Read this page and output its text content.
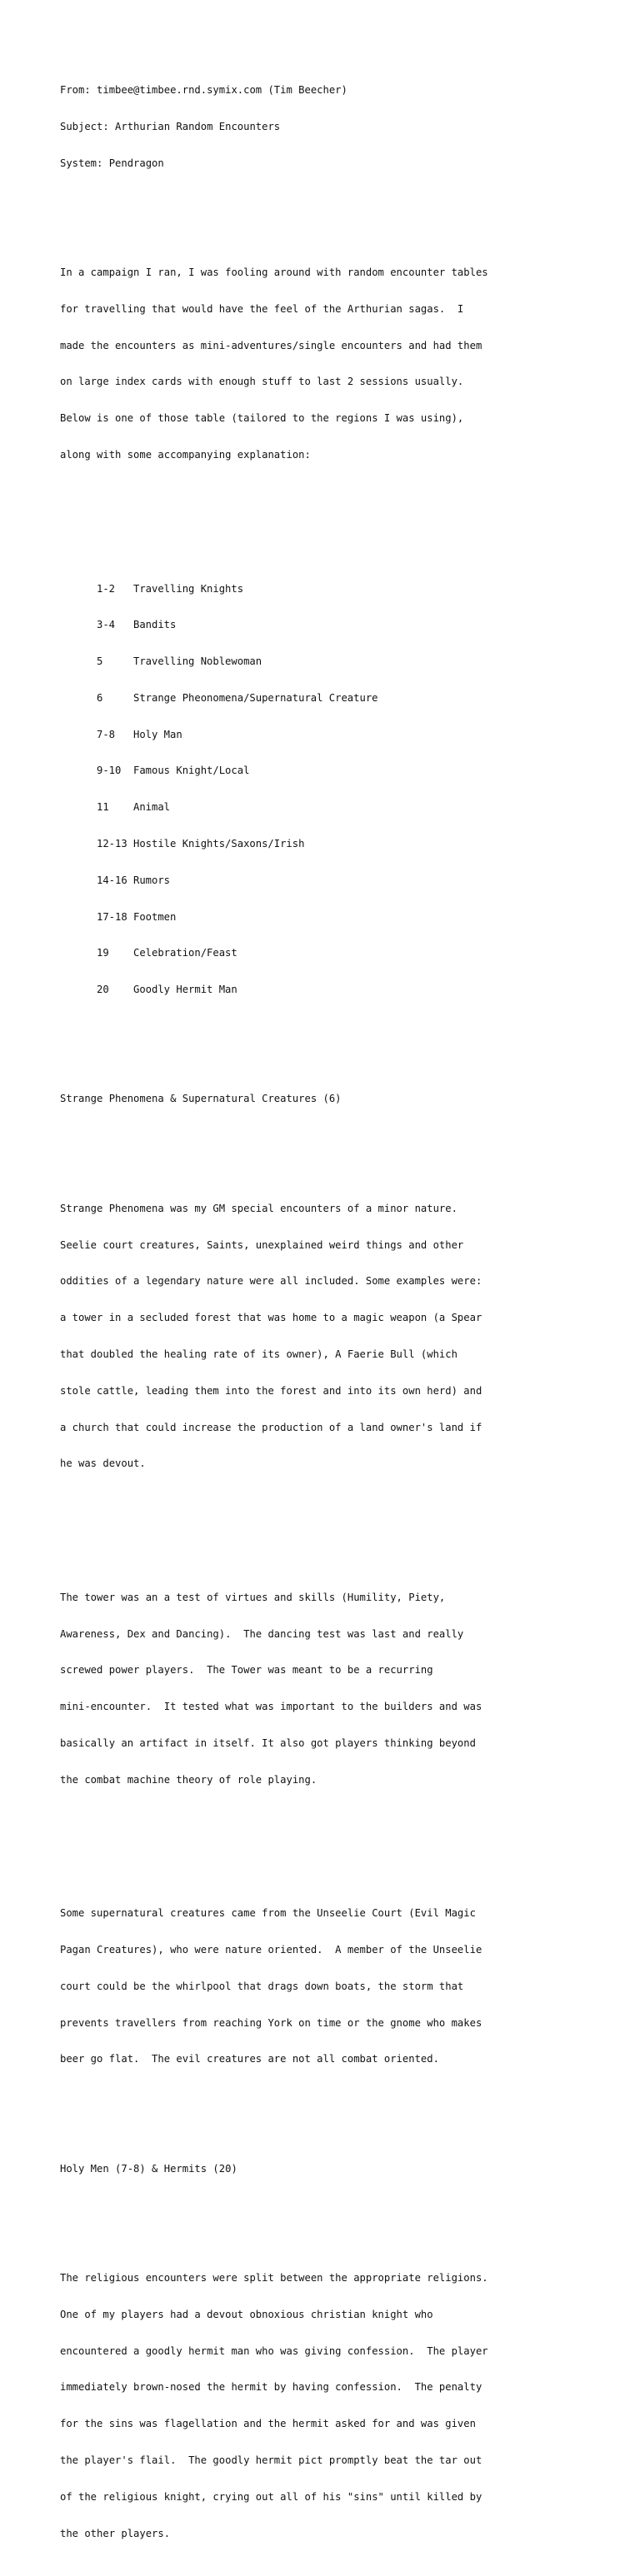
From: timbee@timbee.rnd.symix.com (Tim Beecher)

Subject: Arthurian Random Encounters

System: Pendragon

In a campaign I ran, I was fooling around with random encounter tables

for travelling that would have the feel of the Arthurian sagas.  I

made the encounters as mini-adventures/single encounters and had them

on large index cards with enough stuff to last 2 sessions usually.

Below is one of those table (tailored to the regions I was using),

along with some accompanying explanation:

1-2 Travelling Knights

3-4 Bandits

5	Travelling Noblewoman

6	Strange Pheonomena/Supernatural Creature

7-8 Holy Man

9-10 Famous Knight/Local

11 Animal

12-13 Hostile Knights/Saxons/Irish

14-16 Rumors

17-18 Footmen

19 Celebration/Feast

20 Goodly Hermit Man

Strange Phenomena & Supernatural Creatures (6)

Strange Phenomena was my GM special encounters of a minor nature.

Seelie court creatures, Saints, unexplained weird things and other

oddities of a legendary nature were all included. Some examples were:

a tower in a secluded forest that was home to a magic weapon (a Spear

that doubled the healing rate of its owner), A Faerie Bull (which

stole cattle, leading them into the forest and into its own herd) and

a church that could increase the production of a land owner's land if

he was devout.

The tower was an a test of virtues and skills (Humility, Piety,

Awareness, Dex and Dancing).  The dancing test was last and really

screwed power players.  The Tower was meant to be a recurring

mini-encounter.  It tested what was important to the builders and was

basically an artifact in itself. It also got players thinking beyond

the combat machine theory of role playing.

Some supernatural creatures came from the Unseelie Court (Evil Magic

Pagan Creatures), who were nature oriented.  A member of the Unseelie

court could be the whirlpool that drags down boats, the storm that

prevents travellers from reaching York on time or the gnome who makes

beer go flat.  The evil creatures are not all combat oriented.

Holy Men (7-8) & Hermits (20)

The religious encounters were split between the appropriate religions.

One of my players had a devout obnoxious christian knight who

encountered a goodly hermit man who was giving confession.  The player

immediately brown-nosed the hermit by having confession.  The penalty

for the sins was flagellation and the hermit asked for and was given

the player's flail.  The goodly hermit pict promptly beat the tar out

of the religious knight, crying out all of his "sins" until killed by

the other players.
